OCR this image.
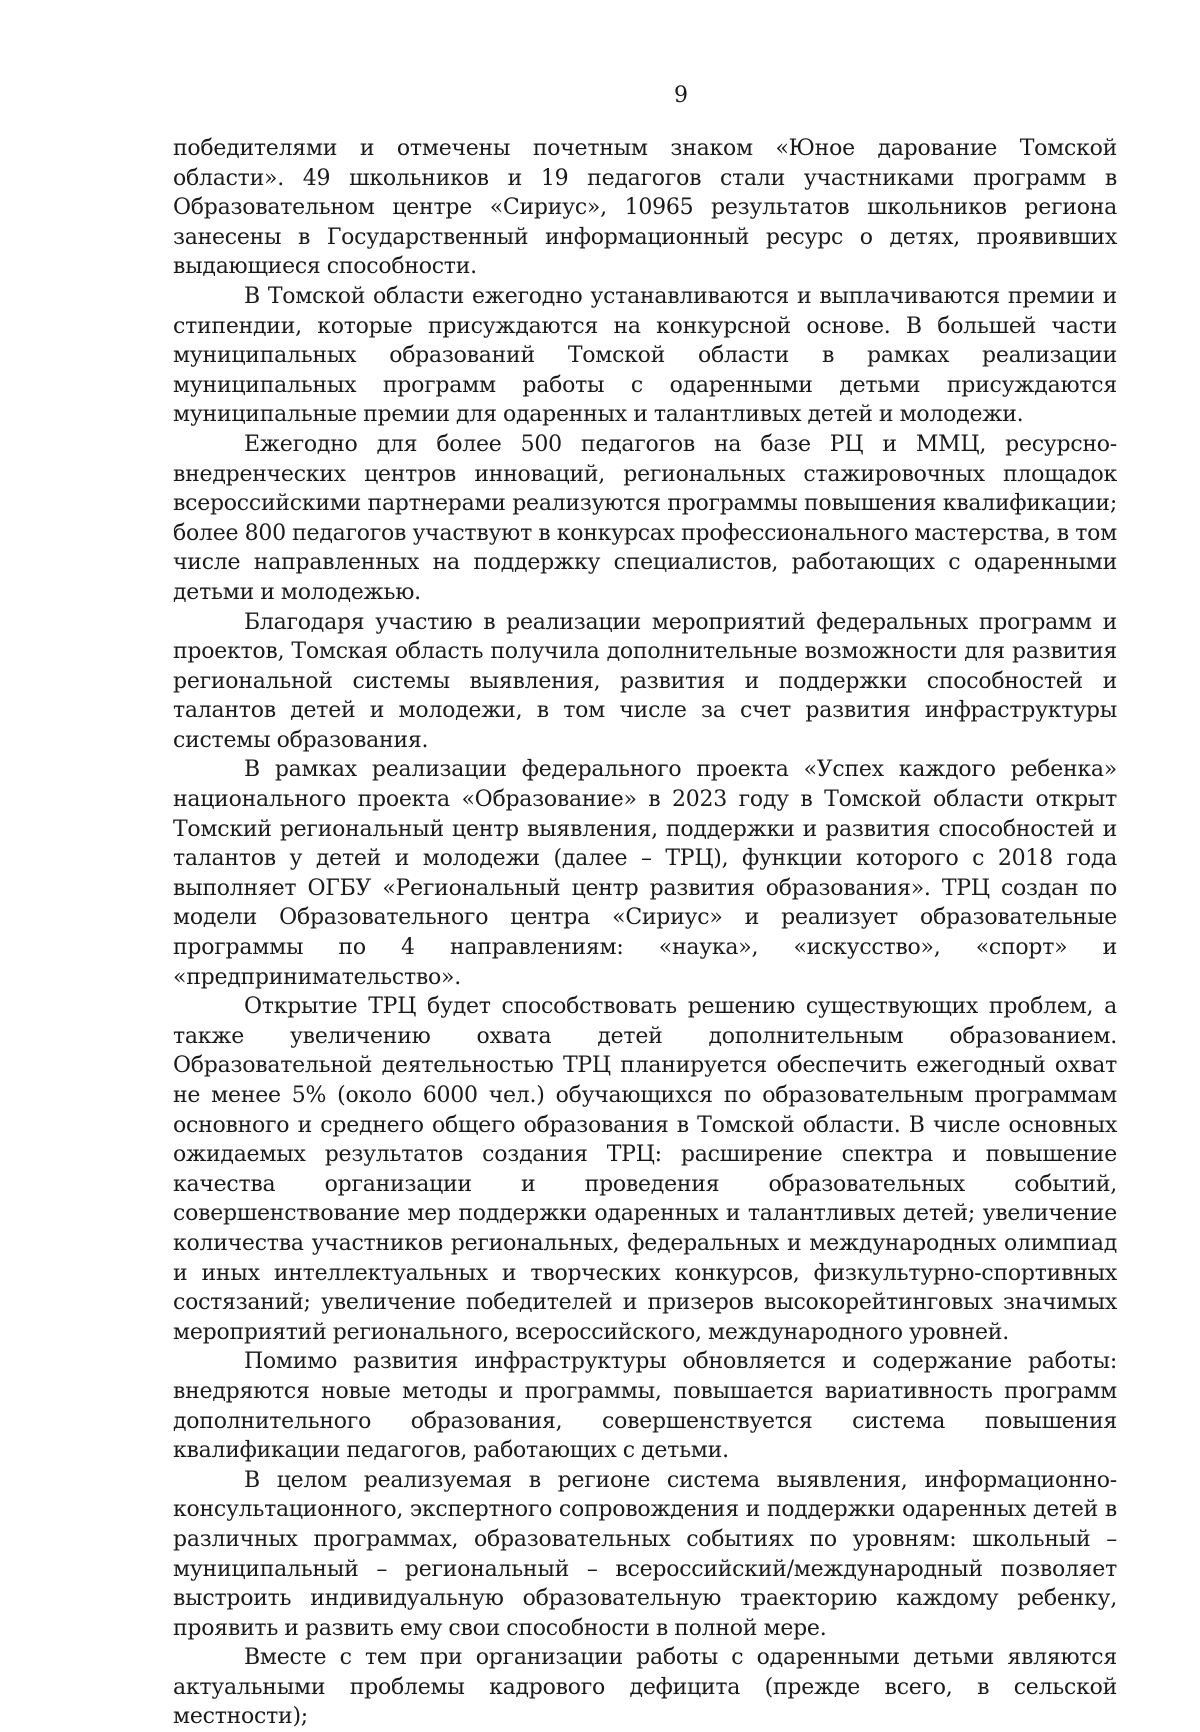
9

победителями и отмечены почетным знаком «Юное дарование Томской области». 49 школьников и 19 педагогов стали участниками программ в Образовательном центре «Сириус», 10965 результатов школьников региона занесены в Государственный информационный ресурс о детях, проявивших выдающиеся способности.

В Томской области ежегодно устанавливаются и выплачиваются премии и стипендии, которые присуждаются на конкурсной основе. В большей части муниципальных образований Томской области в рамках реализации муниципальных программ работы с одаренными детьми присуждаются муниципальные премии для одаренных и талантливых детей и молодежи.

Ежегодно для более 500 педагогов на базе РЦ и ММЦ, ресурсно-внедренческих центров инноваций, региональных стажировочных площадок всероссийскими партнерами реализуются программы повышения квалификации; более 800 педагогов участвуют в конкурсах профессионального мастерства, в том числе направленных на поддержку специалистов, работающих с одаренными детьми и молодежью.

Благодаря участию в реализации мероприятий федеральных программ и проектов, Томская область получила дополнительные возможности для развития региональной системы выявления, развития и поддержки способностей и талантов детей и молодежи, в том числе за счет развития инфраструктуры системы образования.

В рамках реализации федерального проекта «Успех каждого ребенка» национального проекта «Образование» в 2023 году в Томской области открыт Томский региональный центр выявления, поддержки и развития способностей и талантов у детей и молодежи (далее – ТРЦ), функции которого с 2018 года выполняет ОГБУ «Региональный центр развития образования». ТРЦ создан по модели Образовательного центра «Сириус» и реализует образовательные программы по 4 направлениям: «наука», «искусство», «спорт» и «предпринимательство».

Открытие ТРЦ будет способствовать решению существующих проблем, а также увеличению охвата детей дополнительным образованием. Образовательной деятельностью ТРЦ планируется обеспечить ежегодный охват не менее 5% (около 6000 чел.) обучающихся по образовательным программам основного и среднего общего образования в Томской области. В числе основных ожидаемых результатов создания ТРЦ: расширение спектра и повышение качества организации и проведения образовательных событий, совершенствование мер поддержки одаренных и талантливых детей; увеличение количества участников региональных, федеральных и международных олимпиад и иных интеллектуальных и творческих конкурсов, физкультурно-спортивных состязаний; увеличение победителей и призеров высокорейтинговых значимых мероприятий регионального, всероссийского, международного уровней.

Помимо развития инфраструктуры обновляется и содержание работы: внедряются новые методы и программы, повышается вариативность программ дополнительного образования, совершенствуется система повышения квалификации педагогов, работающих с детьми.

В целом реализуемая в регионе система выявления, информационно-консультационного, экспертного сопровождения и поддержки одаренных детей в различных программах, образовательных событиях по уровням: школьный – муниципальный – региональный – всероссийский/международный позволяет выстроить индивидуальную образовательную траекторию каждому ребенку, проявить и развить ему свои способности в полной мере.

Вместе с тем при организации работы с одаренными детьми являются актуальными проблемы кадрового дефицита (прежде всего, в сельской местности);
